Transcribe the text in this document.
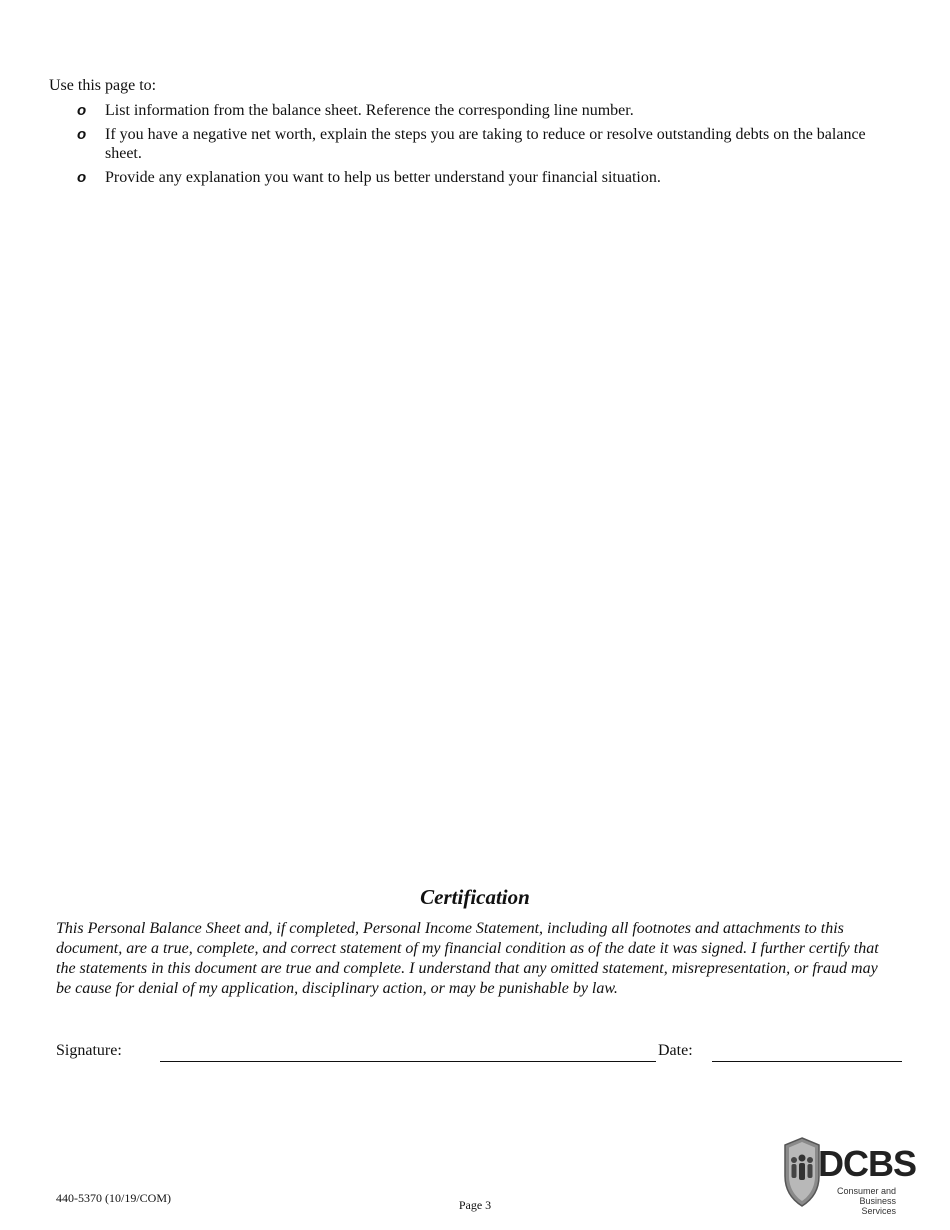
Use this page to:
o List information from the balance sheet. Reference the corresponding line number.
o If you have a negative net worth, explain the steps you are taking to reduce or resolve outstanding debts on the balance sheet.
o Provide any explanation you want to help us better understand your financial situation.
Certification
This Personal Balance Sheet and, if completed, Personal Income Statement, including all footnotes and attachments to this document, are a true, complete, and correct statement of my financial condition as of the date it was signed. I further certify that the statements in this document are true and complete. I understand that any omitted statement, misrepresentation, or fraud may be cause for denial of my application, disciplinary action, or may be punishable by law.
Signature:	Date:
440-5370 (10/19/COM)	Page 3
DCBS
Consumer and Business Services
